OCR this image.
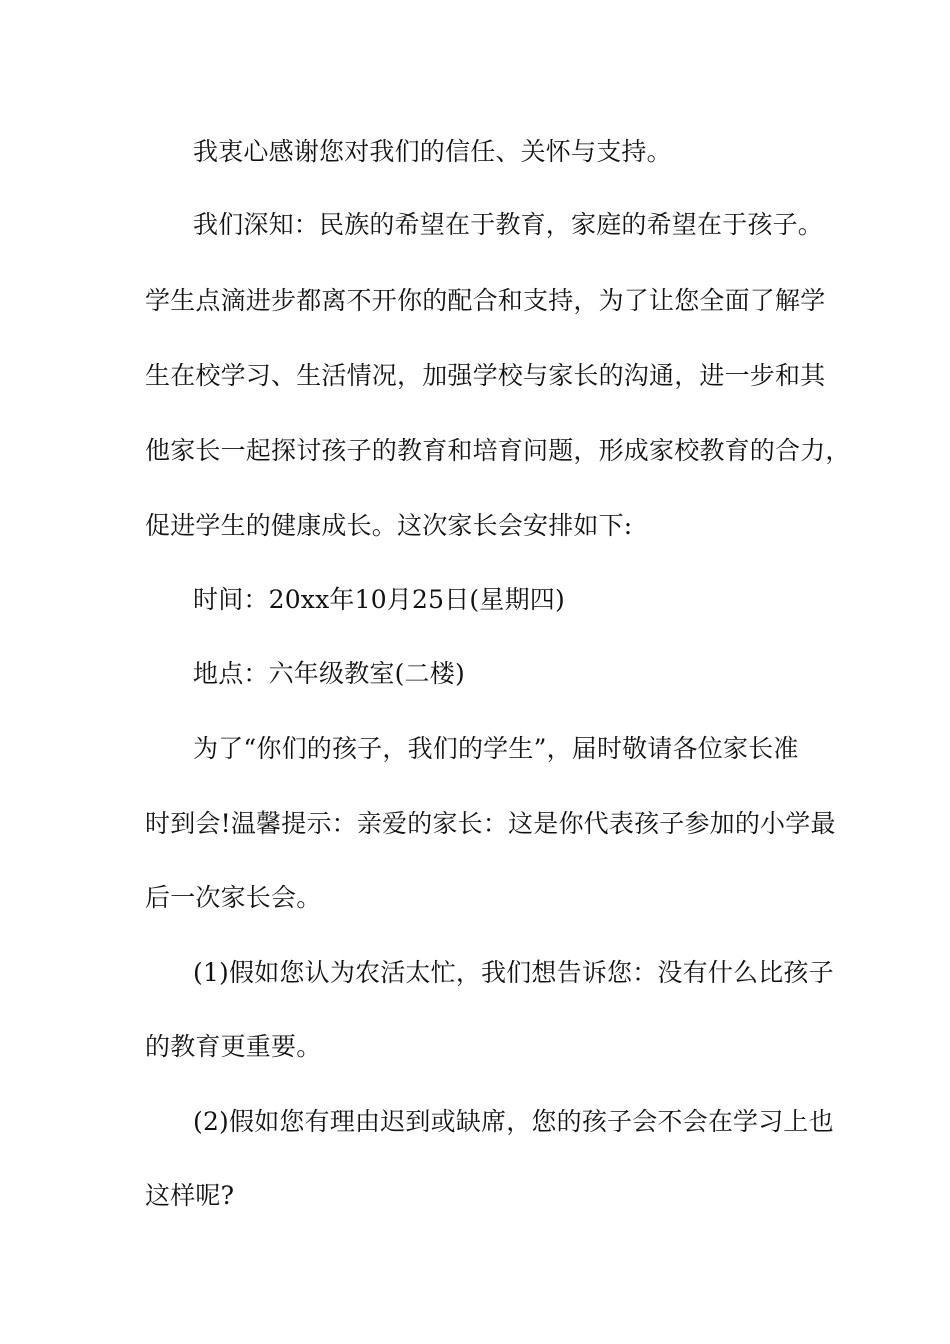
我衷心感谢您对我们的信任、关怀与支持。
我们深知：民族的希望在于教育，家庭的希望在于孩子。
学生点滴进步都离不开你的配合和支持，为了让您全面了解学
生在校学习、生活情况，加强学校与家长的沟通，进一步和其
他家长一起探讨孩子的教育和培育问题，形成家校教育的合力，
促进学生的健康成长。这次家长会安排如下:
时间：20xx年10月25日(星期四)
地点：六年级教室(二楼)
为了“你们的孩子，我们的学生”，届时敬请各位家长准
时到会!温馨提示：亲爱的家长：这是你代表孩子参加的小学最
后一次家长会。
(1)假如您认为农活太忙，我们想告诉您：没有什么比孩子
的教育更重要。
(2)假如您有理由迟到或缺席，您的孩子会不会在学习上也
这样呢?
